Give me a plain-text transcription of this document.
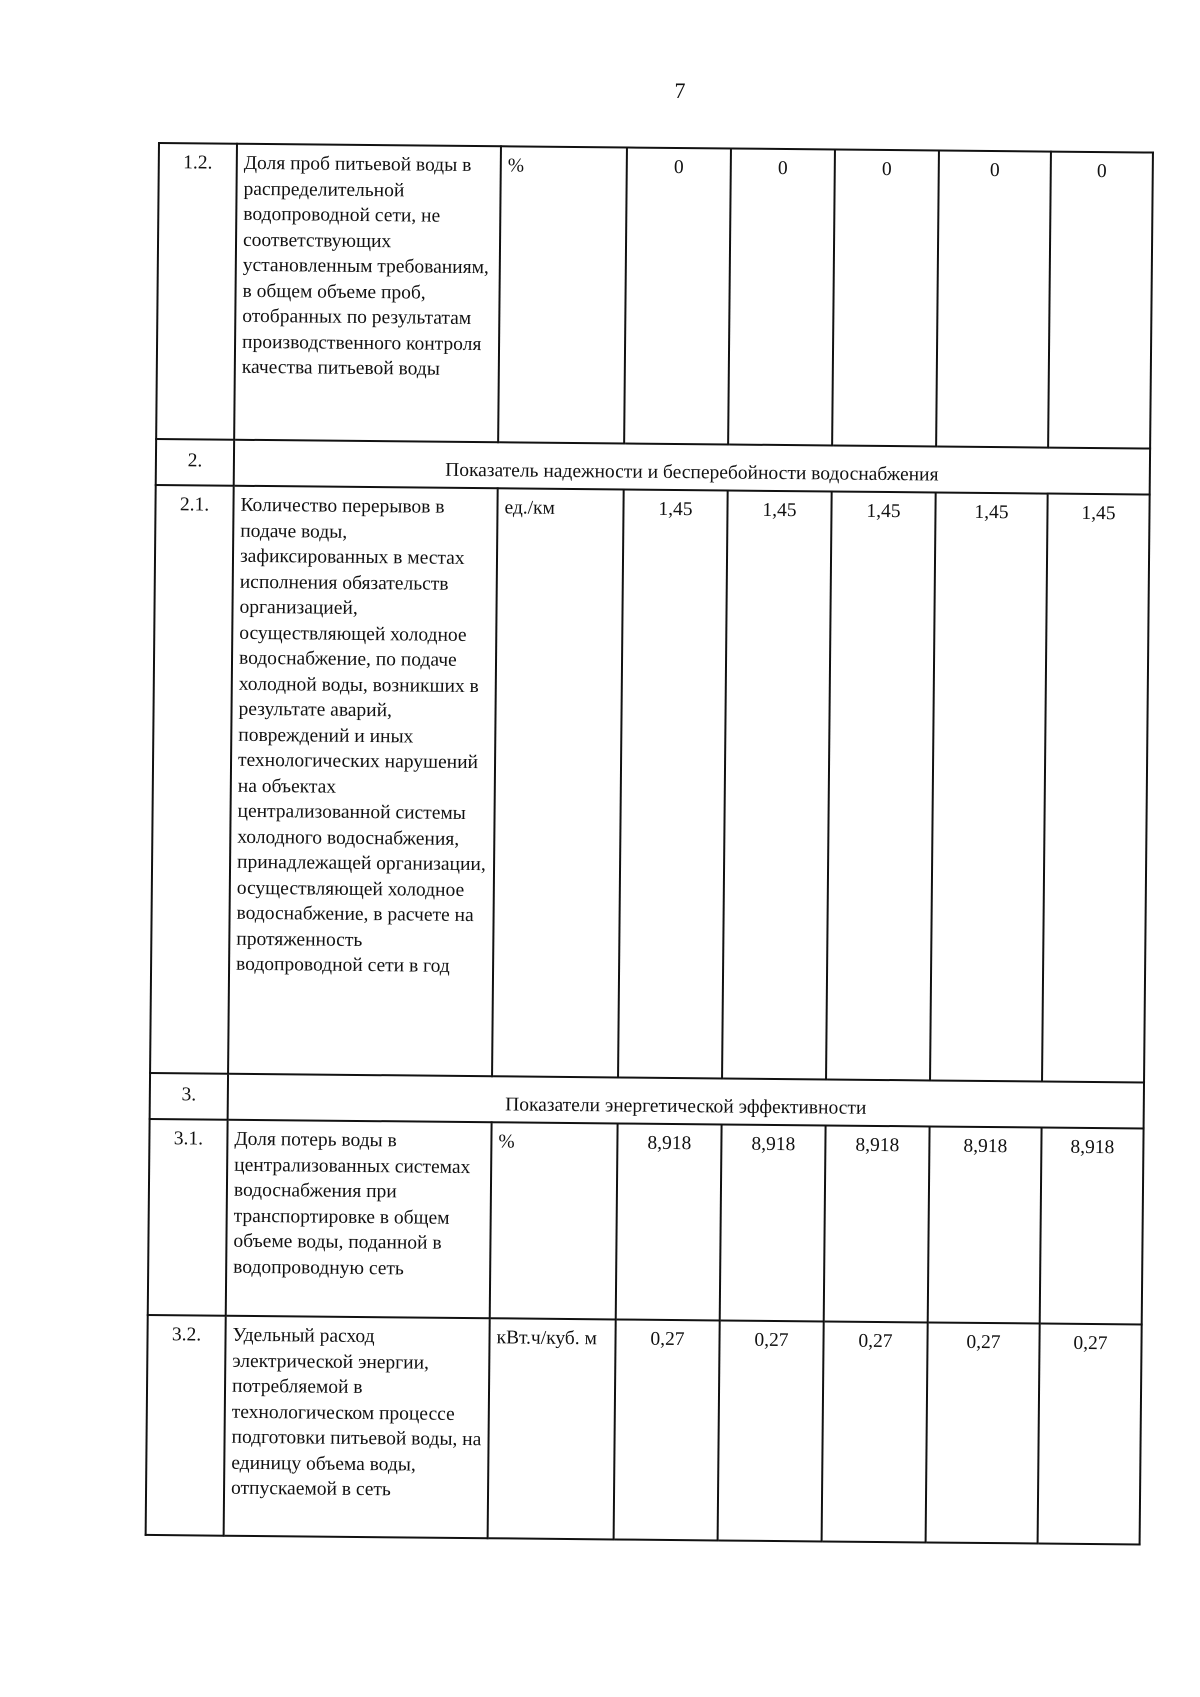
7
1.2.	Доля проб питьевой воды в распределительной водопроводной сети, не соответствующих установленным требованиям, в общем объеме проб, отобранных по результатам производственного контроля качества питьевой воды	%	0	0	0	0	0
2.	Показатель надежности и бесперебойности водоснабжения						
2.1.	Количество перерывов в подаче воды, зафиксированных в местах исполнения обязательств организацией, осуществляющей холодное водоснабжение, по подаче холодной воды, возникших в результате аварий, повреждений и иных технологических нарушений на объектах централизованной системы холодного водоснабжения, принадлежащей организации, осуществляющей холодное водоснабжение, в расчете на протяженность водопроводной сети в год	ед./км	1,45	1,45	1,45	1,45	1,45
3.	Показатели энергетической эффективности						
3.1.	Доля потерь воды в централизованных системах водоснабжения при транспортировке в общем объеме воды, поданной в водопроводную сеть	%	8,918	8,918	8,918	8,918	8,918
3.2.	Удельный расход электрической энергии, потребляемой в технологическом процессе подготовки питьевой воды, на единицу объема воды, отпускаемой в сеть	кВт.ч/куб. м	0,27	0,27	0,27	0,27	0,27
